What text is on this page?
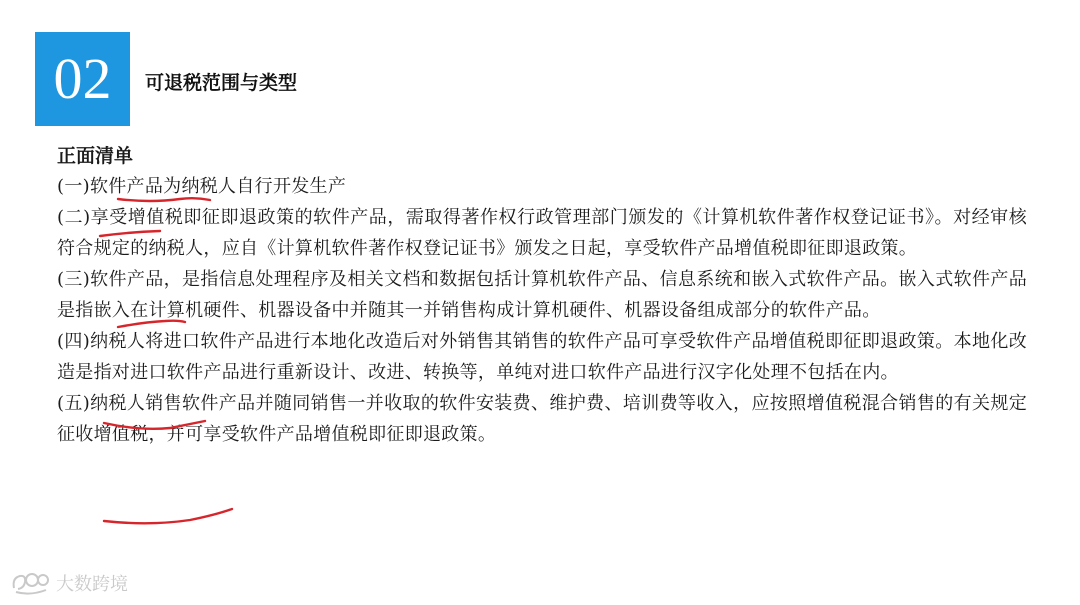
02 可退税范围与类型
正面清单

(一)软件产品为纳税人自行开发生产

(二)享受增值税即征即退政策的软件产品，需取得著作权行政管理部门颁发的《计算机软件著作权登记证书》。对经审核符合规定的纳税人，应自《计算机软件著作权登记证书》颁发之日起，享受软件产品增值税即征即退政策。

(三)软件产品，是指信息处理程序及相关文档和数据包括计算机软件产品、信息系统和嵌入式软件产品。嵌入式软件产品是指嵌入在计算机硬件、机器设备中并随其一并销售构成计算机硬件、机器设备组成部分的软件产品。

(四)纳税人将进口软件产品进行本地化改造后对外销售其销售的软件产品可享受软件产品增值税即征即退政策。本地化改造是指对进口软件产品进行重新设计、改进、转换等，单纯对进口软件产品进行汉字化处理不包括在内。

(五)纳税人销售软件产品并随同销售一并收取的软件安装费、维护费、培训费等收入，应按照增值税混合销售的有关规定征收增值税，并可享受软件产品增值税即征即退政策。

大数跨境
